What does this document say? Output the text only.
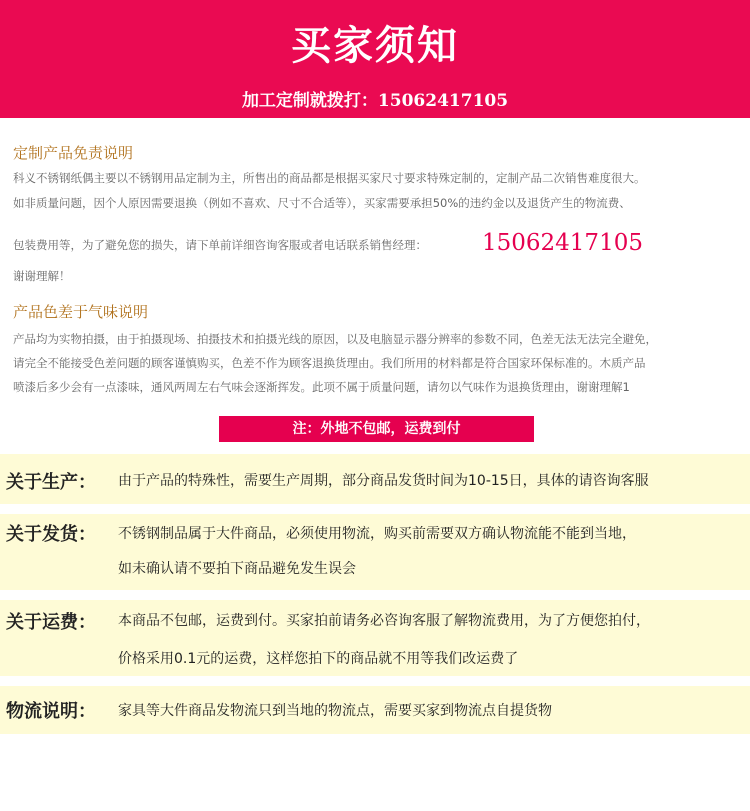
买家须知
加工定制就拨打：15062417105
定制产品免责说明
科义不锈钢纸偶主要以不锈钢用品定制为主，所售出的商品都是根据买家尺寸要求特殊定制的，定制产品二次销售难度很大。
如非质量问题，因个人原因需要退换（例如不喜欢、尺寸不合适等），买家需要承担50%的违约金以及退货产生的物流费、
包装费用等，为了避免您的损失，请下单前详细咨询客服或者电话联系销售经理： 15062417105
谢谢理解！
产品色差于气味说明
产品均为实物拍摄，由于拍摄现场、拍摄技术和拍摄光线的原因，以及电脑显示器分辨率的参数不同，色差无法无法完全避免，
请完全不能接受色差问题的顾客谨慎购买，色差不作为顾客退换货理由。我们所用的材料都是符合国家环保标准的。木质产品
喷漆后多少会有一点漆味，通风两周左右气味会逐渐挥发。此项不属于质量问题，请勿以气味作为退换货理由，谢谢理解1
注：外地不包邮，运费到付
关于生产： 由于产品的特殊性，需要生产周期，部分商品发货时间为10-15日，具体的请咨询客服
关于发货： 不锈钢制品属于大件商品，必须使用物流，购买前需要双方确认物流能不能到当地，
如未确认请不要拍下商品避免发生误会
关于运费： 本商品不包邮，运费到付。买家拍前请务必咨询客服了解物流费用，为了方便您拍付，
价格采用0.1元的运费，这样您拍下的商品就不用等我们改运费了
物流说明： 家具等大件商品发物流只到当地的物流点，需要买家到物流点自提货物
